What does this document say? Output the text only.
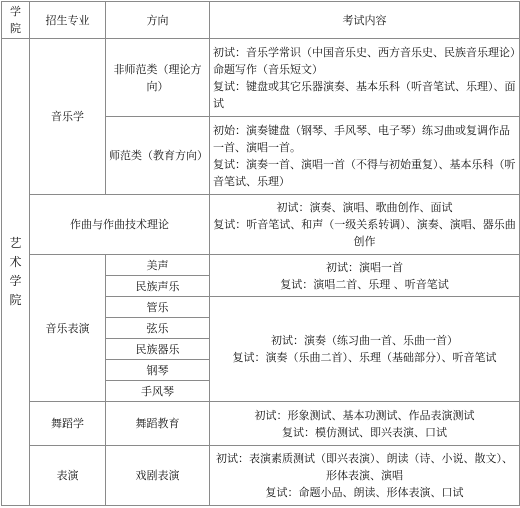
学院	招生专业	方向	考试内容

艺术学院	音乐学	非师范类（理论方向）	初试：音乐学常识（中国音乐史、西方音乐史、民族音乐理论）命题写作（音乐短文）
复试：键盘或其它乐器演奏、基本乐科（听音笔试、乐理）、面试

		师范类（教育方向）	初始：演奏键盘（钢琴、手风琴、电子琴）练习曲或复调作品一首、演唱一首。
复试：演奏一首、演唱一首（不得与初始重复）、基本乐科（听音笔试、乐理）

	作曲与作曲技术理论		初试：演奏、演唱、歌曲创作、面试
复试：听音笔试、和声（一级关系转调）、演奏、演唱、器乐曲创作

	音乐表演	美声	初试：演唱一首
复试：演唱二首、乐理 、听音笔试

		民族声乐	
		管乐	初试：演奏（练习曲一首、乐曲一首）
复试：演奏（乐曲二首）、乐理（基础部分）、听音笔试

		弦乐	
		民族器乐	
		钢琴	
		手风琴	
	舞蹈学	舞蹈教育	初试：形象测试、基本功测试、作品表演测试
复试：模仿测试、即兴表演、口试

	表演	戏剧表演	初试：表演素质测试（即兴表演）、朗读（诗、小说、散文）、形体表演、演唱
复试：命题小品、朗读、形体表演、口试
